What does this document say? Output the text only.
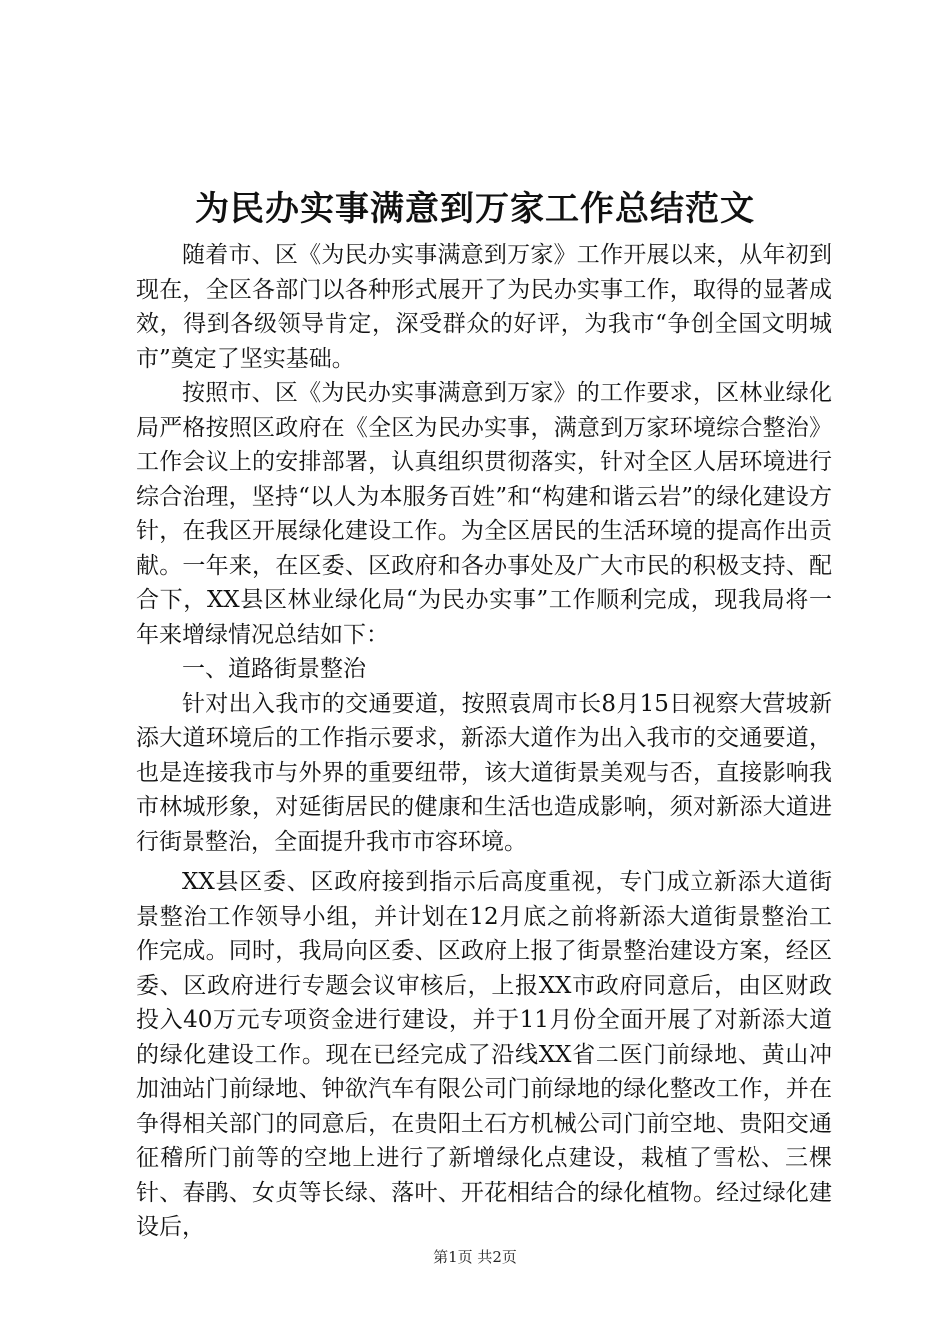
为民办实事满意到万家工作总结范文

随着市、区《为民办实事满意到万家》工作开展以来，从年初到现在，全区各部门以各种形式展开了为民办实事工作，取得的显著成效，得到各级领导肯定，深受群众的好评，为我市“争创全国文明城市”奠定了坚实基础。

按照市、区《为民办实事满意到万家》的工作要求，区林业绿化局严格按照区政府在《全区为民办实事，满意到万家环境综合整治》工作会议上的安排部署，认真组织贯彻落实，针对全区人居环境进行综合治理，坚持“以人为本服务百姓”和“构建和谐云岩”的绿化建设方针，在我区开展绿化建设工作。为全区居民的生活环境的提高作出贡献。一年来，在区委、区政府和各办事处及广大市民的积极支持、配合下，XX县区林业绿化局“为民办实事”工作顺利完成，现我局将一年来增绿情况总结如下：

一、道路街景整治

针对出入我市的交通要道，按照袁周市长8月15日视察大营坡新添大道环境后的工作指示要求，新添大道作为出入我市的交通要道，也是连接我市与外界的重要纽带，该大道街景美观与否，直接影响我市林城形象，对延街居民的健康和生活也造成影响，须对新添大道进行街景整治，全面提升我市市容环境。

XX县区委、区政府接到指示后高度重视，专门成立新添大道街景整治工作领导小组，并计划在12月底之前将新添大道街景整治工作完成。同时，我局向区委、区政府上报了街景整治建设方案，经区委、区政府进行专题会议审核后，上报XX市政府同意后，由区财政投入40万元专项资金进行建设，并于11月份全面开展了对新添大道的绿化建设工作。现在已经完成了沿线XX省二医门前绿地、黄山冲加油站门前绿地、钟欲汽车有限公司门前绿地的绿化整改工作，并在争得相关部门的同意后，在贵阳土石方机械公司门前空地、贵阳交通征稽所门前等的空地上进行了新增绿化点建设，栽植了雪松、三棵针、春鹃、女贞等长绿、落叶、开花相结合的绿化植物。经过绿化建设后，

第1页 共2页
